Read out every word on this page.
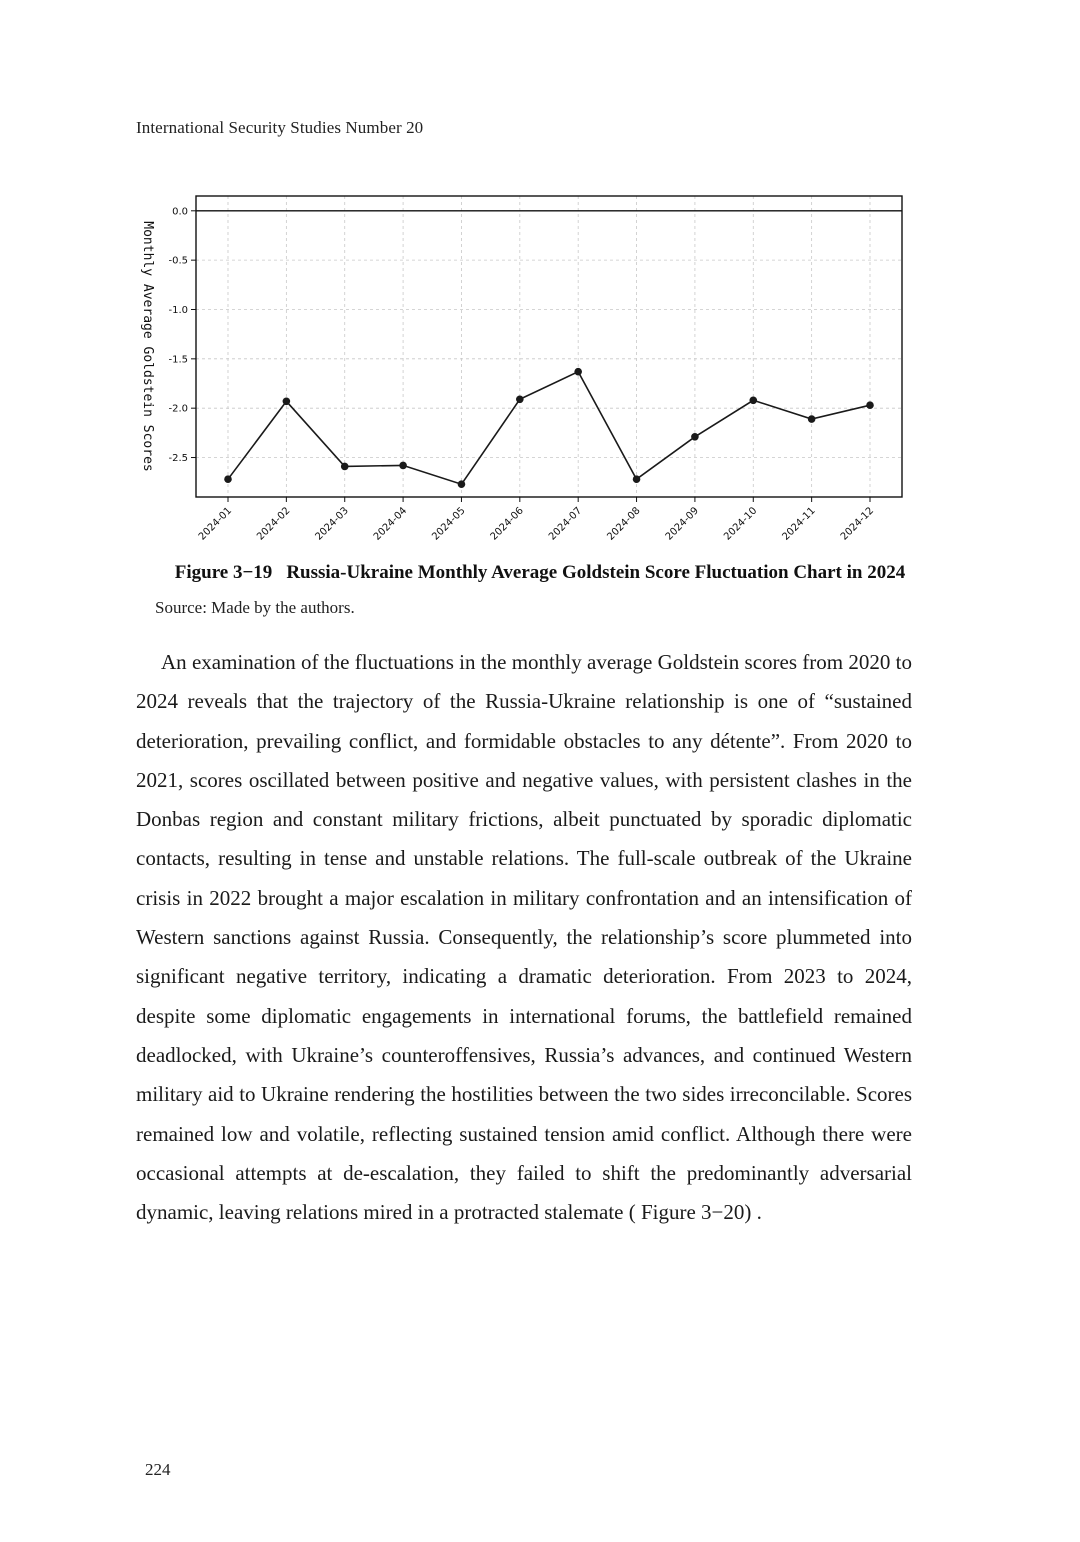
International Security Studies Number 20
0.0
-0.5
-1.0
-1.5
-2.0
-2.5
2024-01 2024-02 2024-03 2024-04 2024-05 2024-06 2024-07 2024-08 2024-09 2024-10 2024-11 2024-12
Monthly Average Goldstein Scores
Figure 3−19 Russia-Ukraine Monthly Average Goldstein Score Fluctuation Chart in 2024
Source: Made by the authors.

An examination of the fluctuations in the monthly average Goldstein scores from 2020 to 2024 reveals that the trajectory of the Russia-Ukraine relationship is one of “sustained deterioration, prevailing conflict, and formidable obstacles to any détente”. From 2020 to 2021, scores oscillated between positive and negative values, with persistent clashes in the Donbas region and constant military frictions, albeit punctuated by sporadic diplomatic contacts, resulting in tense and unstable relations. The full-scale outbreak of the Ukraine crisis in 2022 brought a major escalation in military confrontation and an intensification of Western sanctions against Russia. Consequently, the relationship’s score plummeted into significant negative territory, indicating a dramatic deterioration. From 2023 to 2024, despite some diplomatic engagements in international forums, the battlefield remained deadlocked, with Ukraine’s counteroffensives, Russia’s advances, and continued Western military aid to Ukraine rendering the hostilities between the two sides irreconcilable. Scores remained low and volatile, reflecting sustained tension amid conflict. Although there were occasional attempts at de-escalation, they failed to shift the predominantly adversarial dynamic, leaving relations mired in a protracted stalemate ( Figure 3−20) .

224
